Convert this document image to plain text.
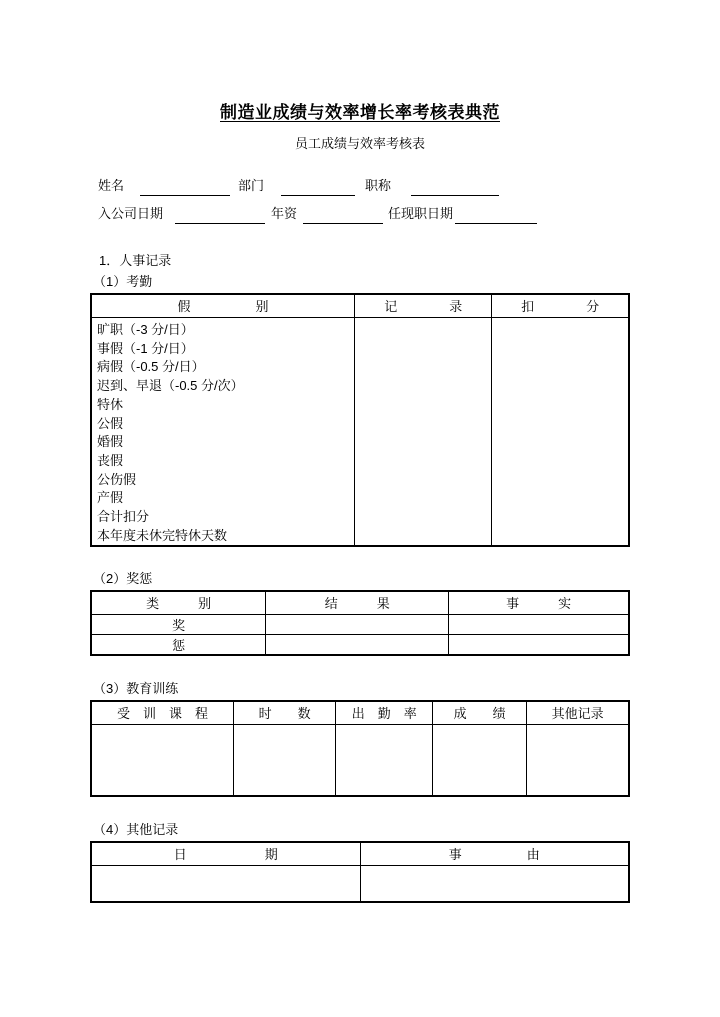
制造业成绩与效率增长率考核表典范
员工成绩与效率考核表
姓名	部门	职称
入公司日期	年资	任现职日期
1．人事记录
（1）考勤
假　　　　　别	记　　　　录	扣　　　　分

旷职（-3 分/日）
事假（-1 分/日）
病假（-0.5 分/日）
迟到、早退（-0.5 分/次）
特休
公假
婚假
丧假
公伤假
产假
合计扣分
本年度未休完特休天数

（2）奖惩
类　　　别	结　　　果	事　　　实
奖		
惩		
（3）教育训练
受　训　课　程	时　　数	出　勤　率	成　　绩	其他记录

（4）其他记录
日　　　　　　期	事　　　　　由
